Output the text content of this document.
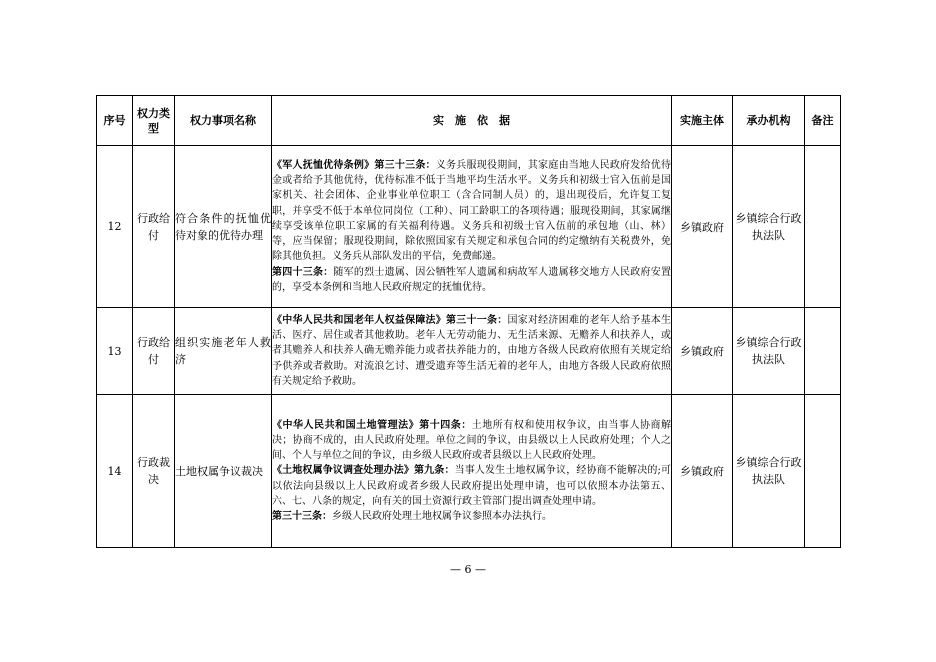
序号	权力类型	权力事项名称	实　施　依　据	实施主体	承办机构	备注
12	行政给付	符合条件的抚恤优待对象的优待办理	《军人抚恤优待条例》第三十三条：义务兵服现役期间，其家庭由当地人民政府发给优待金或者给予其他优待，优待标准不低于当地平均生活水平。义务兵和初级士官入伍前是国家机关、社会团体、企业事业单位职工（含合同制人员）的，退出现役后，允许复工复职，并享受不低于本单位同岗位（工种）、同工龄职工的各项待遇；服现役期间，其家属继续享受该单位职工家属的有关福利待遇。义务兵和初级士官入伍前的承包地（山、林）等，应当保留；服现役期间，除依照国家有关规定和承包合同的约定缴纳有关税费外，免除其他负担。义务兵从部队发出的平信，免费邮递。
第四十三条：随军的烈士遗属、因公牺牲军人遗属和病故军人遗属移交地方人民政府安置的，享受本条例和当地人民政府规定的抚恤优待。	乡镇政府	乡镇综合行政执法队	
13	行政给付	组织实施老年人救济	《中华人民共和国老年人权益保障法》第三十一条：国家对经济困难的老年人给予基本生活、医疗、居住或者其他救助。老年人无劳动能力、无生活来源、无赡养人和扶养人，或者其赡养人和扶养人确无赡养能力或者扶养能力的，由地方各级人民政府依照有关规定给予供养或者救助。对流浪乞讨、遭受遗弃等生活无着的老年人，由地方各级人民政府依照有关规定给予救助。	乡镇政府	乡镇综合行政执法队	
14	行政裁决	土地权属争议裁决	《中华人民共和国土地管理法》第十四条：土地所有权和使用权争议，由当事人协商解决；协商不成的，由人民政府处理。单位之间的争议，由县级以上人民政府处理；个人之间、个人与单位之间的争议，由乡级人民政府或者县级以上人民政府处理。
《土地权属争议调查处理办法》第九条：当事人发生土地权属争议，经协商不能解决的;可以依法向县级以上人民政府或者乡级人民政府提出处理申请，也可以依照本办法第五、六、七、八条的规定，向有关的国土资源行政主管部门提出调查处理申请。
第三十三条：乡级人民政府处理土地权属争议参照本办法执行。	乡镇政府	乡镇综合行政执法队	
— 6 —
